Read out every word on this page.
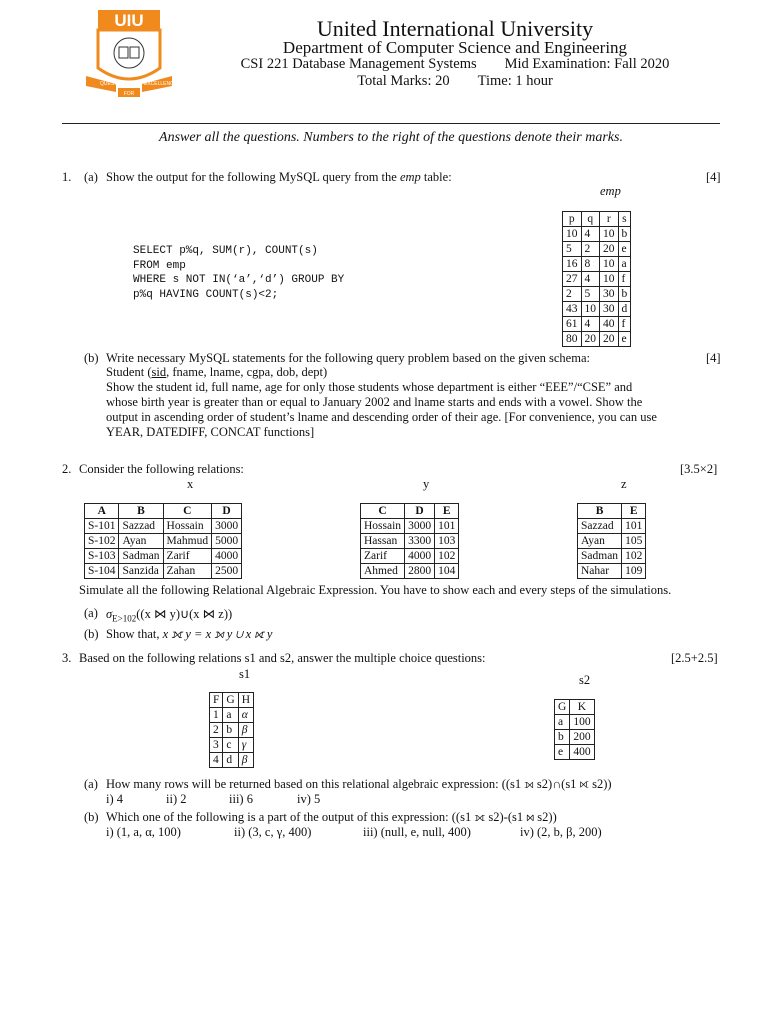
UIU
QUEST	EXCELLENCE
FOR
United International University
Department of Computer Science and Engineering
CSI 221 Database Management Systems Mid Examination: Fall 2020
Total Marks: 20 Time: 1 hour
Answer all the questions. Numbers to the right of the questions denote their marks.
1. (a) Show the output for the following MySQL query from the emp table:	[4]
emp
p	q	r	s
10	4	10	b
5	2	20	e
16	8	10	a
27	4	10	f
2	5	30	b
43	10	30	d
61	4	40	f
80	20	20	e
SELECT p%q, SUM(r), COUNT(s)
FROM emp
WHERE s NOT IN(‘a’,‘d’) GROUP BY
p%q HAVING COUNT(s)<2;
(b) Write necessary MySQL statements for the following query problem based on the given schema:	[4]
Student (sid, fname, lname, cgpa, dob, dept)
Show the student id, full name, age for only those students whose department is either “EEE”/“CSE” and
whose birth year is greater than or equal to January 2002 and lname starts and ends with a vowel. Show the
output in ascending order of student’s lname and descending order of their age. [For convenience, you can use
YEAR, DATEDIFF, CONCAT functions]
2. Consider the following relations:	[3.5×2]
x	y	z
A	B	C	D
S-101	Sazzad	Hossain	3000
S-102	Ayan	Mahmud	5000
S-103	Sadman	Zarif	4000
S-104	Sanzida	Zahan	2500
C	D	E
Hossain	3000	101
Hassan	3300	103
Zarif	4000	102
Ahmed	2800	104
B	E
Sazzad	101
Ayan	105
Sadman	102
Nahar	109
Simulate all the following Relational Algebraic Expression. You have to show each and every steps of the simulations.
(a) $\sigma_{E>102}((x$ ⋈ y)∪(x ⋈ z))
(b) Show that, x ⟗ y = x ⟕ y ∪ x ⟖ y
3. Based on the following relations s1 and s2, answer the multiple choice questions:	[2.5+2.5]
s1	s2
F	G	H
1	a	α
2	b	β
3	c	γ
4	d	β
G	K
a	100
b	200
e	400
(a) How many rows will be returned based on this relational algebraic expression: ((s1 ⟕ s2)∩(s1 ⟖ s2))
i) 4	ii) 2	iii) 6	iv) 5
(b) Which one of the following is a part of the output of this expression: ((s1 ⟗ s2)-(s1 ⋈ s2))
i) (1, a, α, 100)	ii) (3, c, γ, 400)	iii) (null, e, null, 400)	iv) (2, b, β, 200)
